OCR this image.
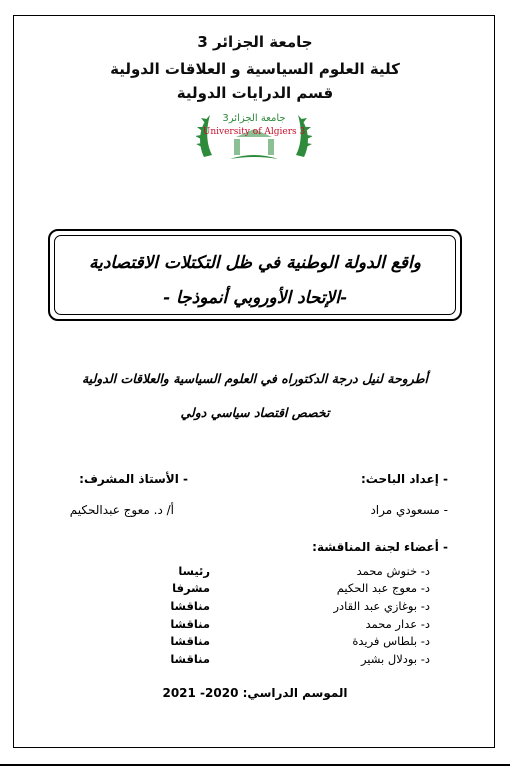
جامعة الجزائر 3
كلية العلوم السياسية و العلاقات الدولية
قسم الدرايات الدولية
جامعة الجزائر3
University of Algiers 3
واقع الدولة الوطنية في ظل التكتلات الاقتصادية
-الإتحاد الأوروبي أنموذجا -
أطروحة لنيل درجة الدكتوراه في العلوم السياسية والعلاقات الدولية
تخصص اقتصاد سياسي دولي
- إعداد الباحث:
- الأستاذ المشرف:
- مسعودي مراد
أ/ د. معوج عبدالحكيم
- أعضاء لجنة المناقشة:
د- خنوش محمد
رئيسا
د- معوج عبد الحكيم
مشرفا
د- بوغازي عبد القادر
مناقشا
د- عدار محمد
مناقشا
د- بلطاس فريدة
مناقشا
د- بودلال بشير
مناقشا
الموسم الدراسي: 2020- 2021
